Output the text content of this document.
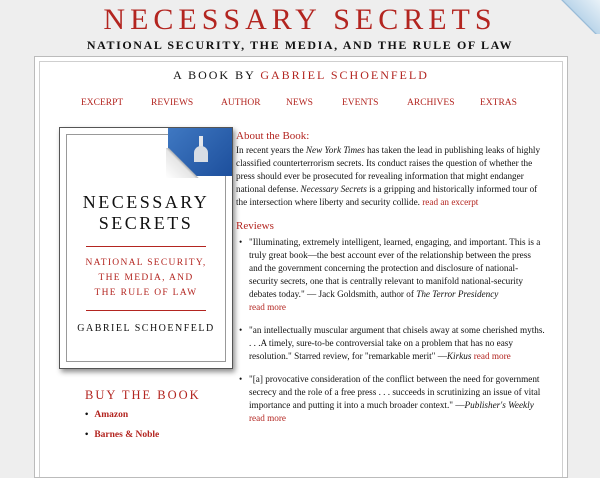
NECESSARY SECRETS
NATIONAL SECURITY, THE MEDIA, AND THE RULE OF LAW
A BOOK BY GABRIEL SCHOENFELD
EXCERPT	REVIEWS	AUTHOR	NEWS	EVENTS	ARCHIVES	EXTRAS
NECESSARY
SECRETS
NATIONAL SECURITY,
THE MEDIA, AND
THE RULE OF LAW
GABRIEL SCHOENFELD
BUY THE BOOK
• Amazon
• Barnes & Noble
About the Book:
In recent years the New York Times has taken the lead in publishing leaks of highly classified counterterrorism secrets. Its conduct raises the question of whether the press should ever be prosecuted for revealing information that might endanger national defense. Necessary Secrets is a gripping and historically informed tour of the intersection where liberty and security collide. read an excerpt
Reviews
• "Illuminating, extremely intelligent, learned, engaging, and important. This is a truly great book—the best account ever of the relationship between the press and the government concerning the protection and disclosure of national-security secrets, one that is centrally relevant to manifold national-security debates today." — Jack Goldsmith, author of The Terror Presidency
read more
• "an intellectually muscular argument that chisels away at some cherished myths. . . .A timely, sure-to-be controversial take on a problem that has no easy resolution." Starred review, for "remarkable merit" —Kirkus read more
• "[a] provocative consideration of the conflict between the need for government secrecy and the role of a free press . . . succeeds in scrutinizing an issue of vital importance and putting it into a much broader context." —Publisher's Weekly read more
